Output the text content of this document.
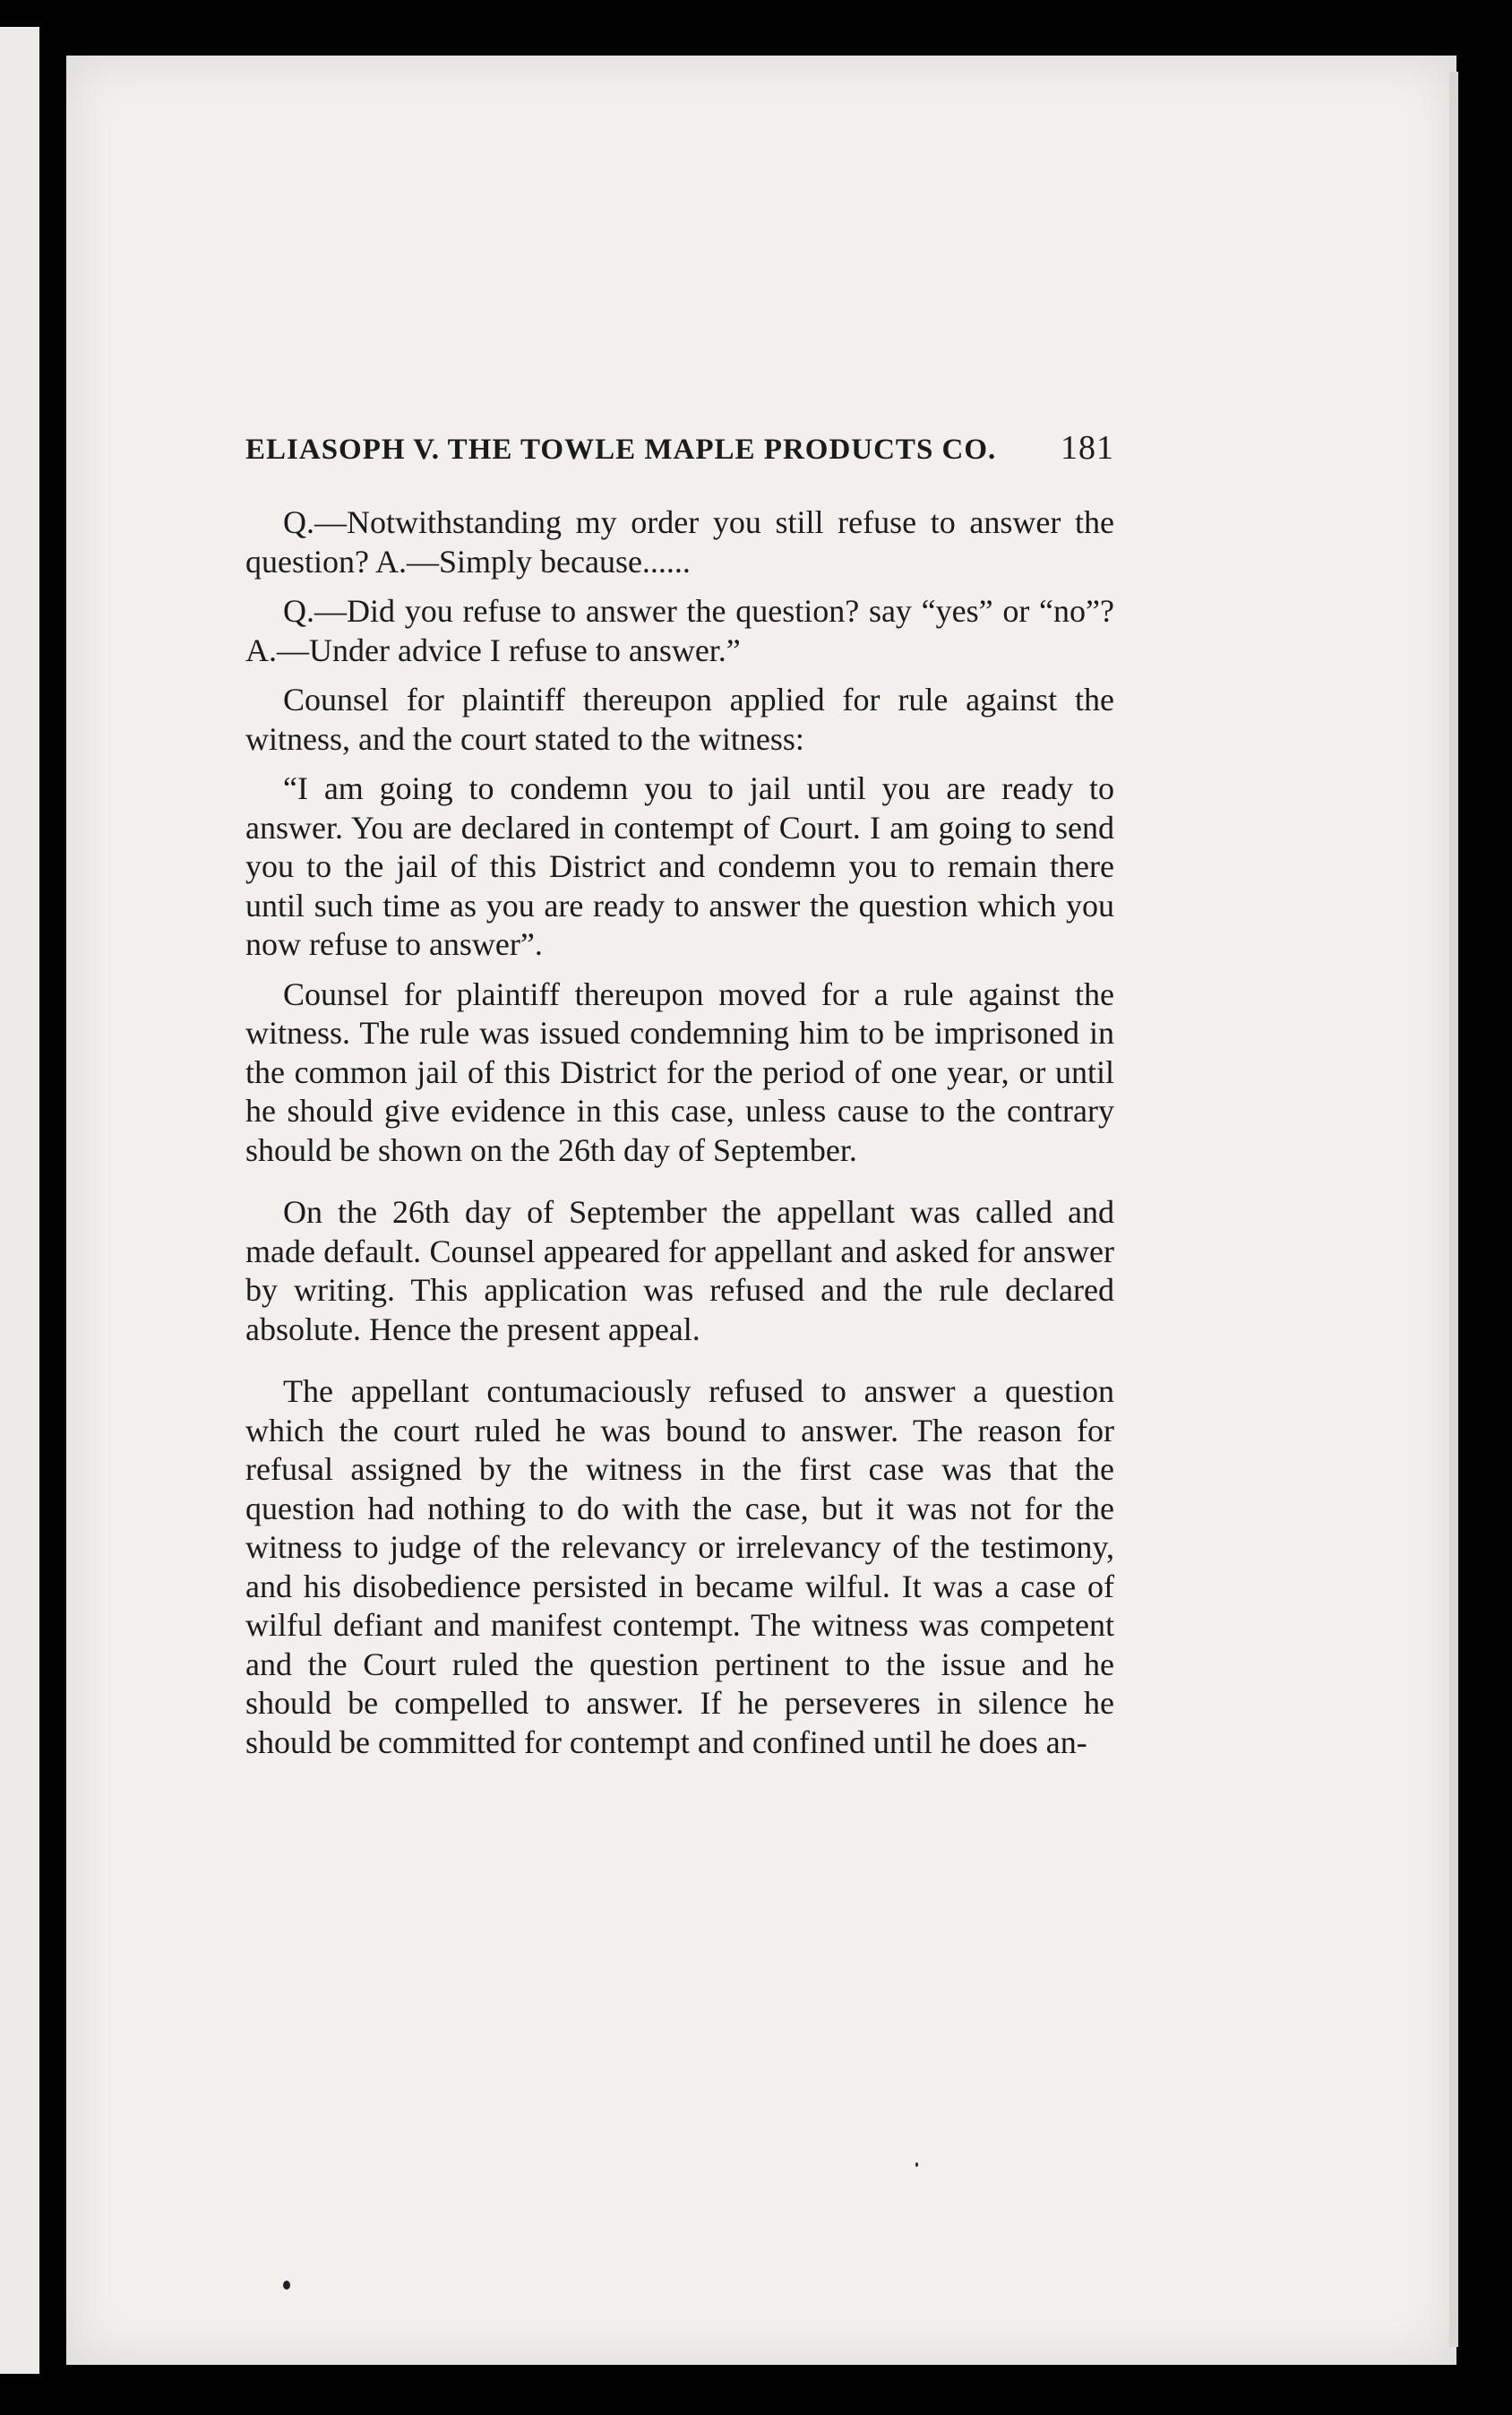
ELIASOPH V. THE TOWLE MAPLE PRODUCTS CO. 181

Q.—Notwithstanding my order you still refuse to answer the question? A.—Simply because......

Q.—Did you refuse to answer the question? say “yes” or “no”? A.—Under advice I refuse to answer.”

Counsel for plaintiff thereupon applied for rule against the witness, and the court stated to the witness:

“I am going to condemn you to jail until you are ready to answer. You are declared in contempt of Court. I am going to send you to the jail of this District and condemn you to remain there until such time as you are ready to answer the question which you now refuse to answer”.

Counsel for plaintiff thereupon moved for a rule against the witness. The rule was issued condemning him to be imprisoned in the common jail of this District for the period of one year, or until he should give evidence in this case, unless cause to the contrary should be shown on the 26th day of September.

On the 26th day of September the appellant was called and made default. Counsel appeared for appellant and asked for answer by writing. This application was refused and the rule declared absolute. Hence the present appeal.

The appellant contumaciously refused to answer a question which the court ruled he was bound to answer. The reason for refusal assigned by the witness in the first case was that the question had nothing to do with the case, but it was not for the witness to judge of the relevancy or irrelevancy of the testimony, and his disobedience persisted in became wilful. It was a case of wilful defiant and manifest contempt. The witness was competent and the Court ruled the question pertinent to the issue and he should be compelled to answer. If he perseveres in silence he should be committed for contempt and confined until he does an-
